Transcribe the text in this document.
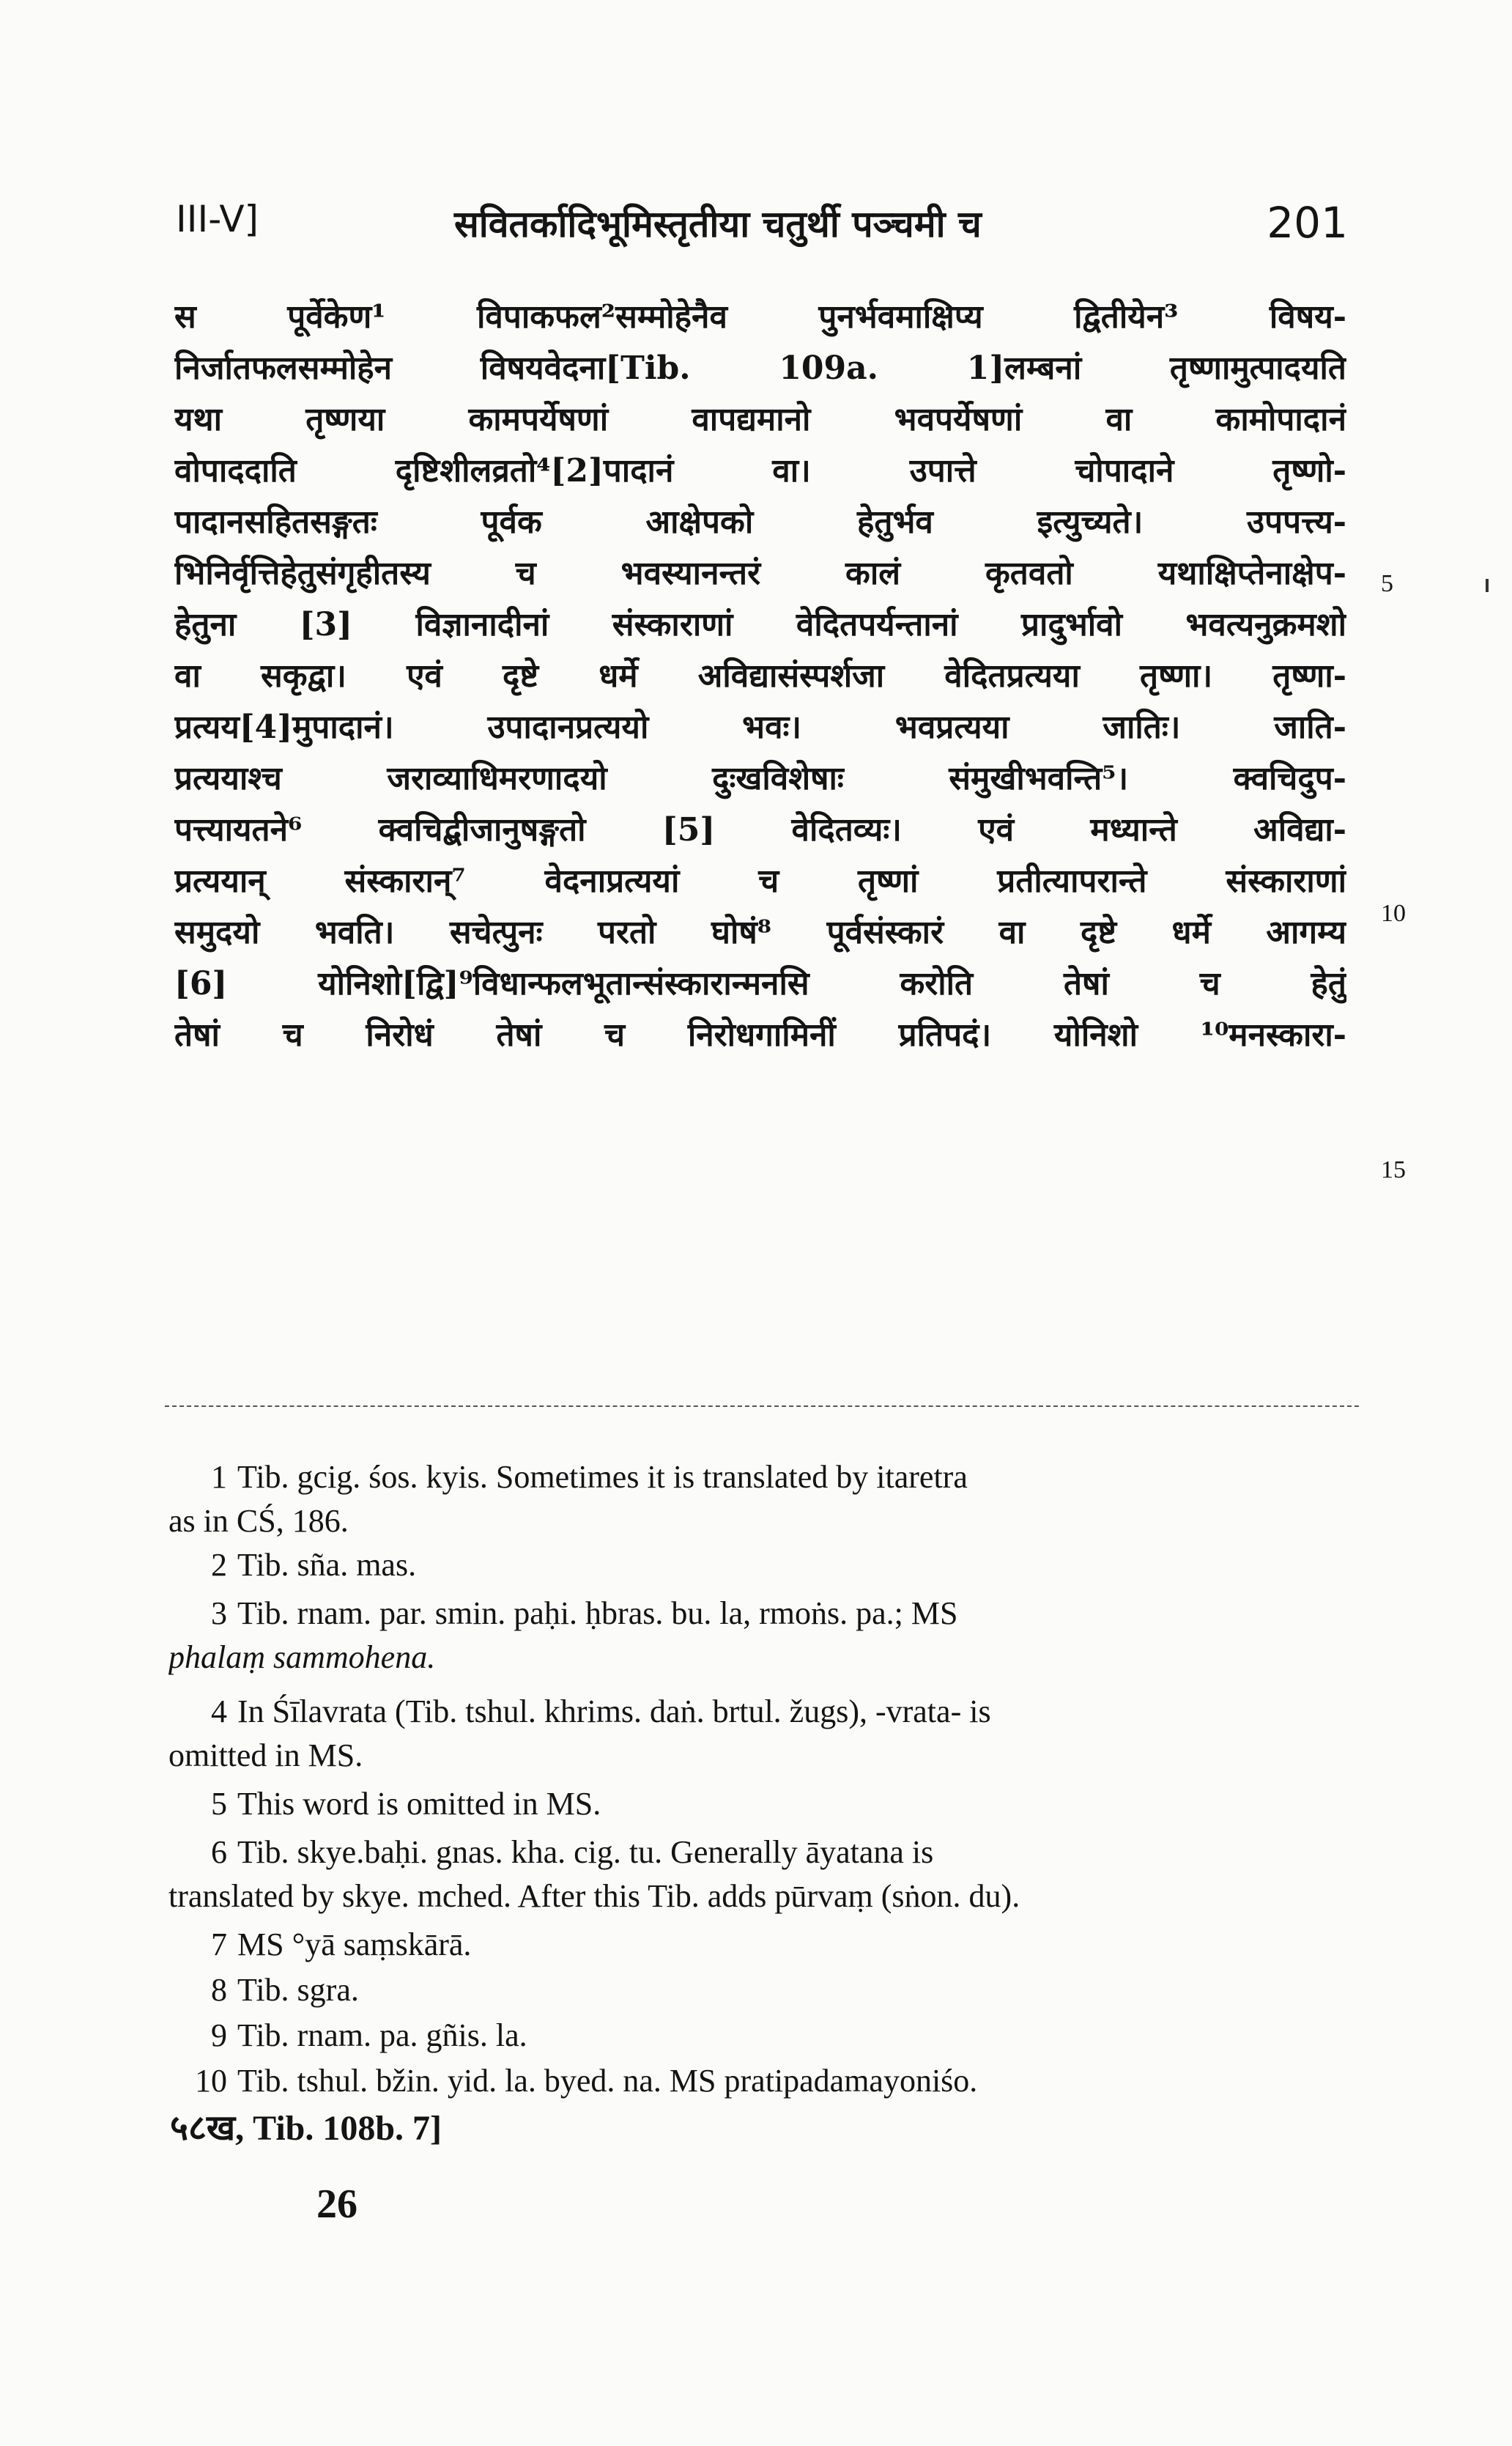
III-V]	सवितर्कादिभूमिस्तृतीया चतुर्थी पञ्चमी च	201
स पूर्वेकेण¹ विपाकफल²सम्मोहेनैव पुनर्भवमाक्षिप्य द्वितीयेन³ विषय-
निर्जातफलसम्मोहेन विषयवेदना[Tib. 109a. 1]लम्बनां तृष्णामुत्पादयति
यथा तृष्णया कामपर्येषणां वापद्यमानो भवपर्येषणां वा कामोपादानं
वोपाददाति दृष्टिशीलव्रतो⁴[2]पादानं वा। उपात्ते चोपादाने तृष्णो-
पादानसहितसङ्गतः पूर्वक आक्षेपको हेतुर्भव इत्युच्यते। उपपत्त्य-
भिनिर्वृत्तिहेतुसंगृहीतस्य च भवस्यानन्तरं कालं कृतवतो यथाक्षिप्तेनाक्षेप-
हेतुना [3] विज्ञानादीनां संस्काराणां वेदितपर्यन्तानां प्रादुर्भावो भवत्यनुक्रमशो
वा सकृद्वा। एवं दृष्टे धर्मे अविद्यासंस्पर्शजा वेदितप्रत्यया तृष्णा। तृष्णा-
प्रत्यय[4]मुपादानं। उपादानप्रत्ययो भवः। भवप्रत्यया जातिः। जाति-
प्रत्ययाश्च जराव्याधिमरणादयो दुःखविशेषाः संमुखीभवन्ति⁵। क्वचिदुप-
पत्त्यायतने⁶ क्वचिद्बीजानुषङ्गतो [5] वेदितव्यः। एवं मध्यान्ते अविद्या-
प्रत्ययान् संस्कारान्⁷ वेदनाप्रत्ययां च तृष्णां प्रतीत्यापरान्ते संस्काराणां
समुदयो भवति। सचेत्पुनः परतो घोषं⁸ पूर्वसंस्कारं वा दृष्टे धर्मे आगम्य
[6] योनिशो[द्वि]⁹विधान्फलभूतान्संस्कारान्मनसि करोति तेषां च हेतुं
तेषां च निरोधं तेषां च निरोधगामिनीं प्रतिपदं। योनिशो ¹⁰मनस्कारा-
5
10
15
1 Tib. gcig. śos. kyis. Sometimes it is translated by itaretra
as in CŚ, 186.
2 Tib. sña. mas.
3 Tib. rnam. par. smin. paḥi. ḥbras. bu. la, rmoṅs. pa.; MS
phalaṃ sammohena.
4 In Śīlavrata (Tib. tshul. khrims. daṅ. brtul. žugs), -vrata- is
omitted in MS.
5 This word is omitted in MS.
6 Tib. skye.baḥi. gnas. kha. cig. tu. Generally āyatana is
translated by skye. mched. After this Tib. adds pūrvaṃ (sṅon. du).
7 MS °yā saṃskārā.
8 Tib. sgra.
9 Tib. rnam. pa. gñis. la.
10 Tib. tshul. bžin. yid. la. byed. na. MS pratipadamayoniśo.
५८ख, Tib. 108b. 7]
26
